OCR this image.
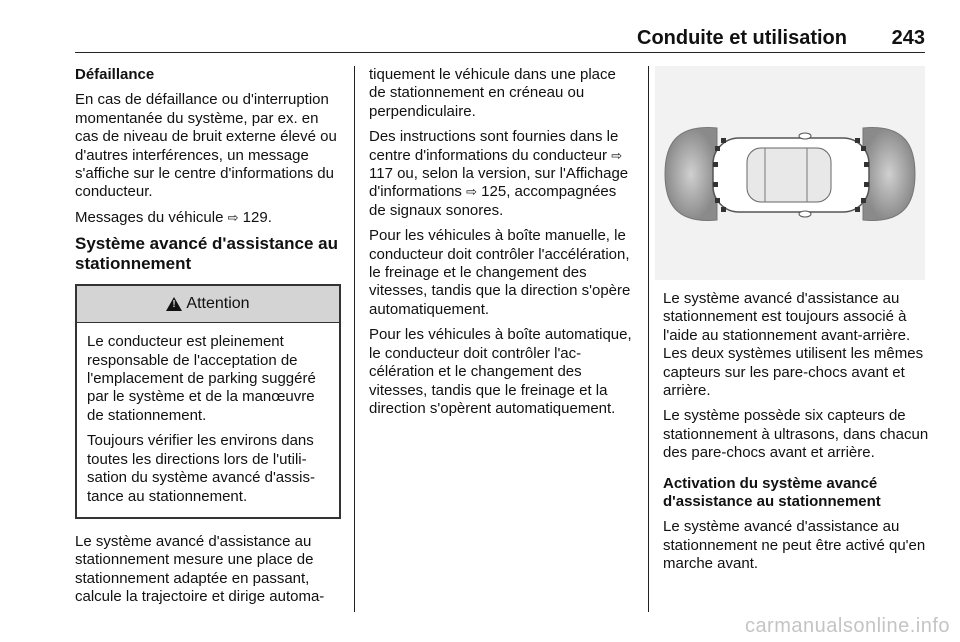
Conduite et utilisation 243

Défaillance

En cas de défaillance ou d'interruption momentanée du système, par ex. en cas de niveau de bruit externe élevé ou d'autres interférences, un message s'affiche sur le centre d'informations du conducteur.

Messages du véhicule ⇨ 129.

Système avancé d'assistance au stationnement

!
Attention

Le conducteur est pleinement responsable de l'acceptation de l'emplacement de parking suggéré par le système et de la manœuvre de stationnement.

Toujours vérifier les environs dans toutes les directions lors de l'utilisation du système avancé d'assistance au stationnement.

Le système avancé d'assistance au stationnement mesure une place de stationnement adaptée en passant, calcule la trajectoire et dirige automa-

tiquement le véhicule dans une place de stationnement en créneau ou perpendiculaire.

Des instructions sont fournies dans le centre d'informations du conducteur ⇨ 117 ou, selon la version, sur l'Affichage d'informations ⇨ 125, accompagnées de signaux sonores.

Pour les véhicules à boîte manuelle, le conducteur doit contrôler l'accélération, le freinage et le changement des vitesses, tandis que la direction s'opère automatiquement.

Pour les véhicules à boîte automatique, le conducteur doit contrôler l'accélération et le changement des vitesses, tandis que le freinage et la direction s'opèrent automatiquement.

Le système avancé d'assistance au stationnement est toujours associé à l'aide au stationnement avant-arrière. Les deux systèmes utilisent les mêmes capteurs sur les pare-chocs avant et arrière.

Le système possède six capteurs de stationnement à ultrasons, dans chacun des pare-chocs avant et arrière.

Activation du système avancé d'assistance au stationnement

Le système avancé d'assistance au stationnement ne peut être activé qu'en marche avant.

carmanualsonline.info
